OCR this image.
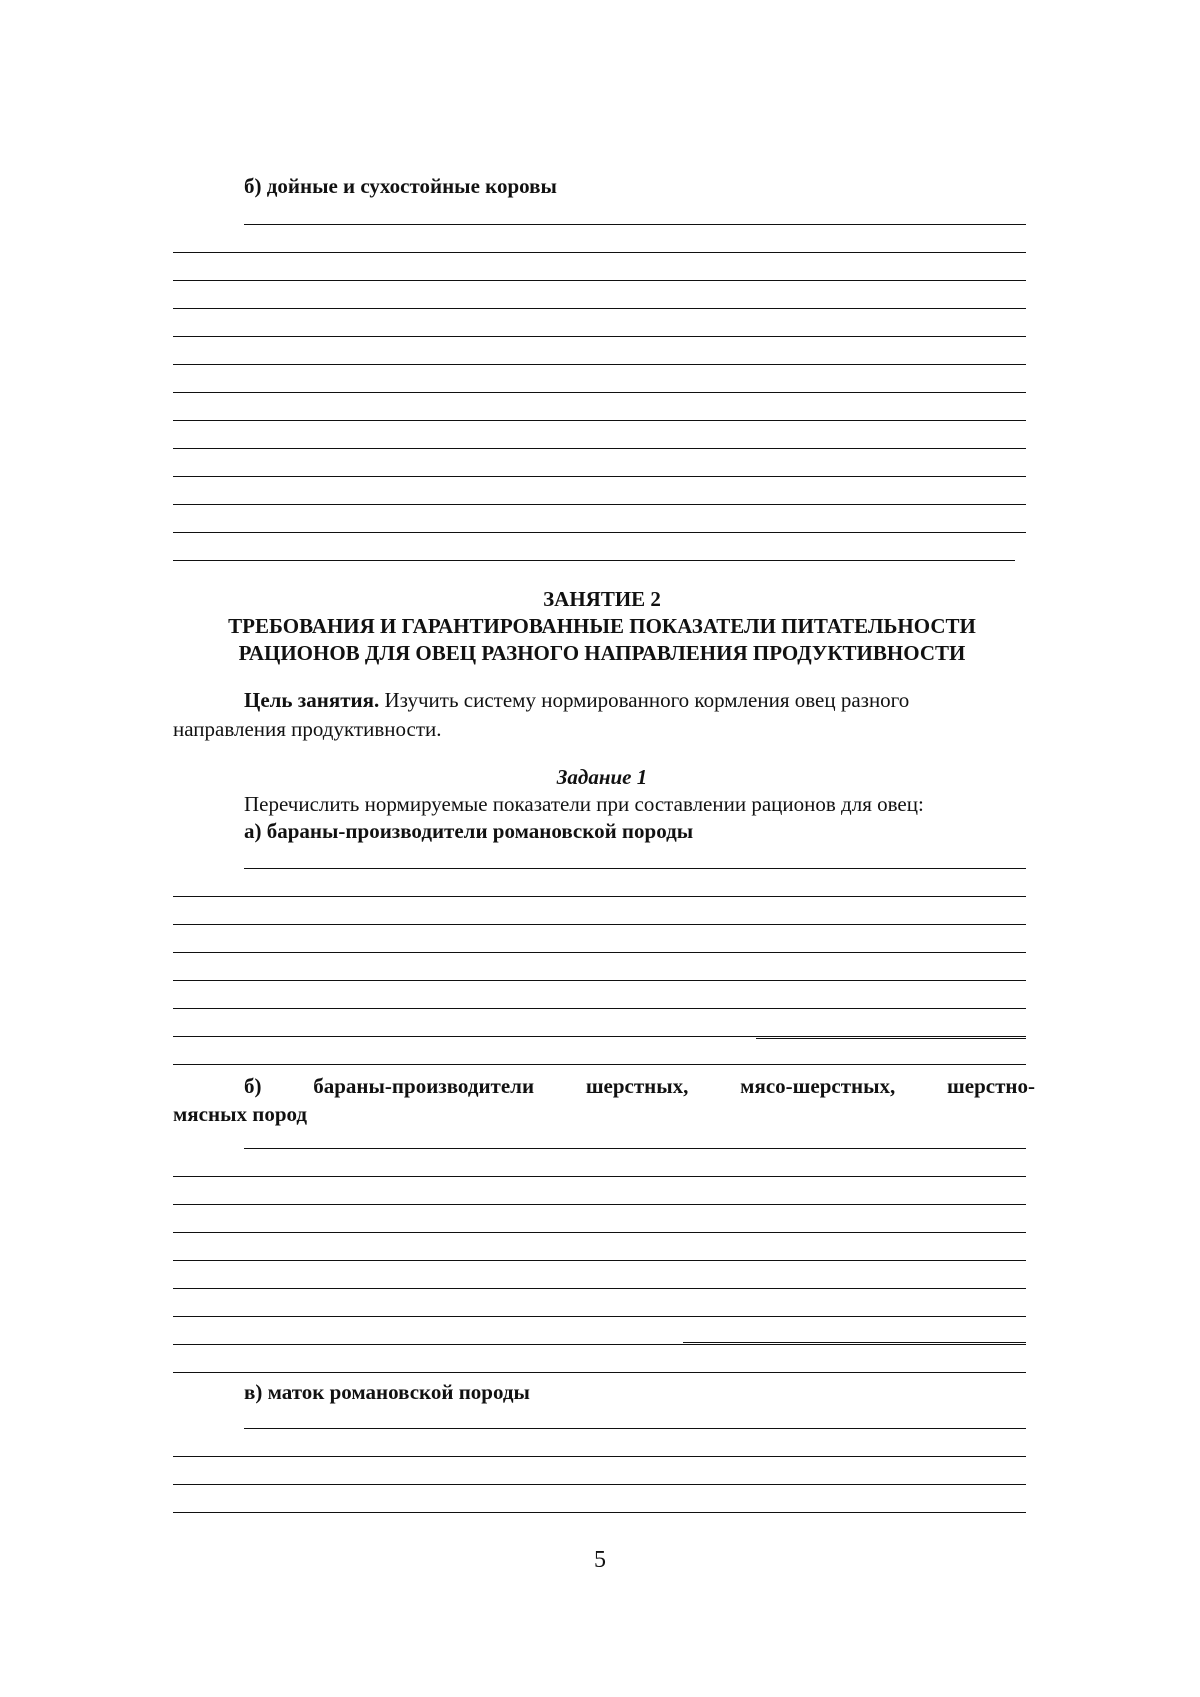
б) дойные и сухостойные коровы
ЗАНЯТИЕ 2
ТРЕБОВАНИЯ И ГАРАНТИРОВАННЫЕ ПОКАЗАТЕЛИ ПИТАТЕЛЬНОСТИ
РАЦИОНОВ ДЛЯ ОВЕЦ РАЗНОГО НАПРАВЛЕНИЯ ПРОДУКТИВНОСТИ
Цель занятия. Изучить систему нормированного кормления овец разного
направления продуктивности.
Задание 1
Перечислить нормируемые показатели при составлении рационов для овец:
а) бараны-производители романовской породы
б) бараны-производители шерстных, мясо-шерстных, шерстно-
мясных пород
в) маток романовской породы
5
